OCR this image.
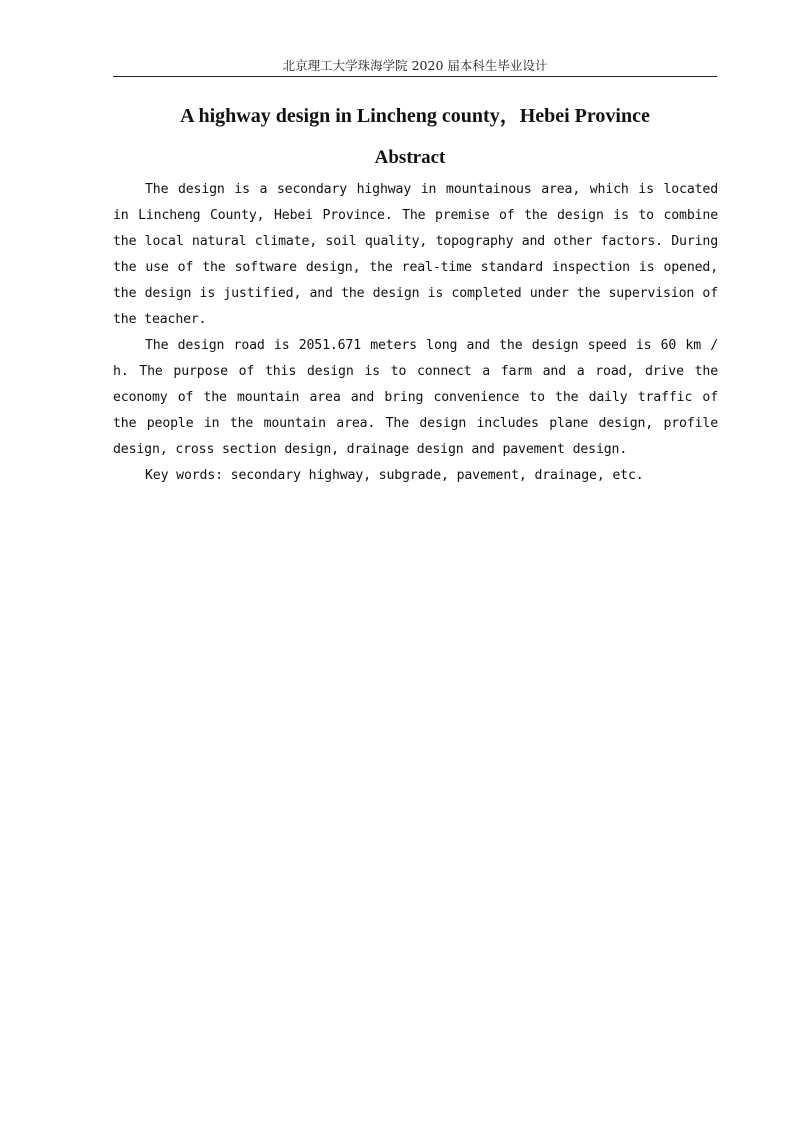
北京理工大学珠海学院 2020 届本科生毕业设计
A highway design in Lincheng county，Hebei Province
Abstract

The design is a secondary highway in mountainous area, which is located in Lincheng County, Hebei Province. The premise of the design is to combine the local natural climate, soil quality, topography and other factors. During the use of the software design, the real-time standard inspection is opened, the design is justified, and the design is completed under the supervision of the teacher.

The design road is 2051.671 meters long and the design speed is 60 km / h. The purpose of this design is to connect a farm and a road, drive the economy of the mountain area and bring convenience to the daily traffic of the people in the mountain area. The design includes plane design, profile design, cross section design, drainage design and pavement design.

Key words: secondary highway, subgrade, pavement, drainage, etc.
